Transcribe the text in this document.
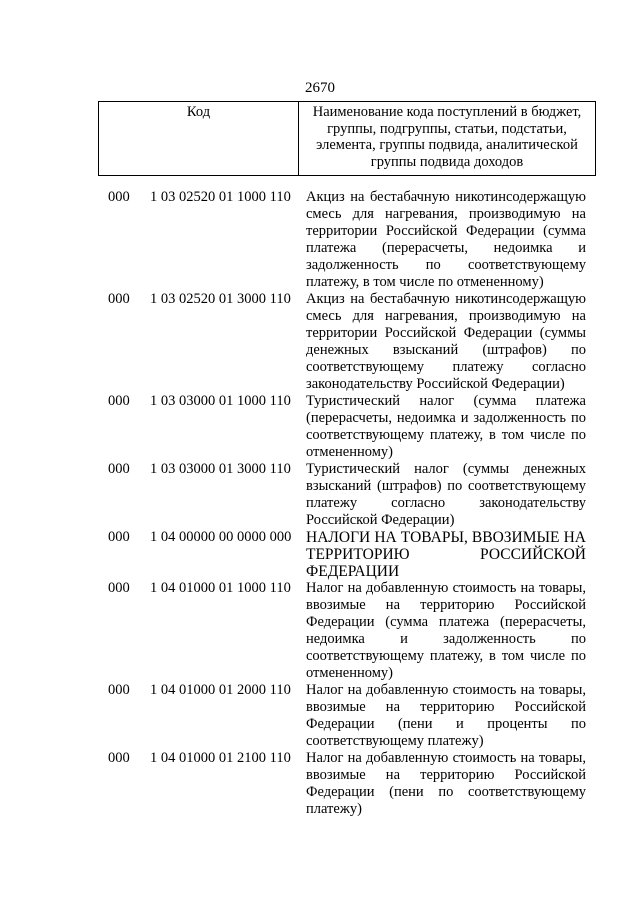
2670
Код	Наименование кода поступлений в бюджет, группы, подгруппы, статьи, подстатьи, элемента, группы подвида, аналитической группы подвида доходов
000 1 03 02520 01 1000 110 Акциз на бестабачную никотинсодержащую смесь для нагревания, производимую на территории Российской Федерации (сумма платежа (перерасчеты, недоимка и задолженность по соответствующему платежу, в том числе по отмененному)
000 1 03 02520 01 3000 110 Акциз на бестабачную никотинсодержащую смесь для нагревания, производимую на территории Российской Федерации (суммы денежных взысканий (штрафов) по соответствующему платежу согласно законодательству Российской Федерации)
000 1 03 03000 01 1000 110 Туристический налог (сумма платежа (перерасчеты, недоимка и задолженность по соответствующему платежу, в том числе по отмененному)
000 1 03 03000 01 3000 110 Туристический налог (суммы денежных взысканий (штрафов) по соответствующему платежу согласно законодательству Российской Федерации)
000 1 04 00000 00 0000 000 НАЛОГИ НА ТОВАРЫ, ВВОЗИМЫЕ НА ТЕРРИТОРИЮ РОССИЙСКОЙ ФЕДЕРАЦИИ
000 1 04 01000 01 1000 110 Налог на добавленную стоимость на товары, ввозимые на территорию Российской Федерации (сумма платежа (перерасчеты, недоимка и задолженность по соответствующему платежу, в том числе по отмененному)
000 1 04 01000 01 2000 110 Налог на добавленную стоимость на товары, ввозимые на территорию Российской Федерации (пени и проценты по соответствующему платежу)
000 1 04 01000 01 2100 110 Налог на добавленную стоимость на товары, ввозимые на территорию Российской Федерации (пени по соответствующему платежу)
